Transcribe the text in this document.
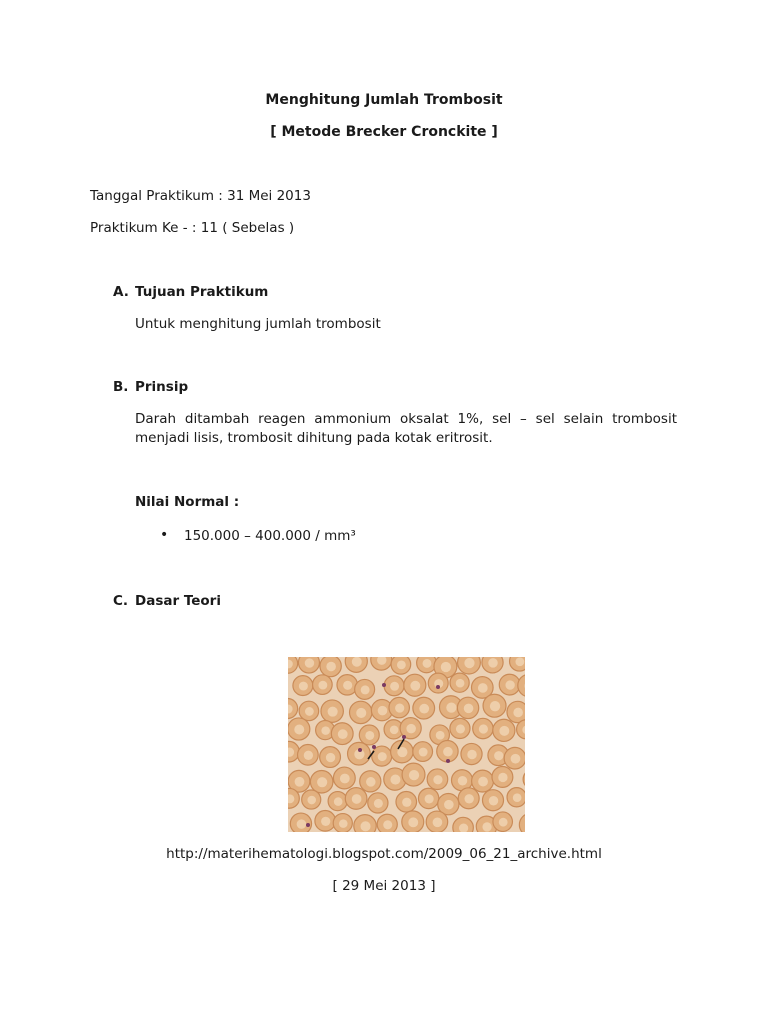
Menghitung Jumlah Trombosit
[ Metode Brecker Cronckite ]
Tanggal Praktikum : 31 Mei 2013
Praktikum Ke - : 11 ( Sebelas )
A. Tujuan Praktikum
Untuk menghitung jumlah trombosit
B. Prinsip
Darah ditambah reagen ammonium oksalat 1%, sel – sel selain trombosit menjadi lisis, trombosit dihitung pada kotak eritrosit.
Nilai Normal :
• 150.000 – 400.000 / mm³
C. Dasar Teori
http://materihematologi.blogspot.com/2009_06_21_archive.html
[ 29 Mei 2013 ]
